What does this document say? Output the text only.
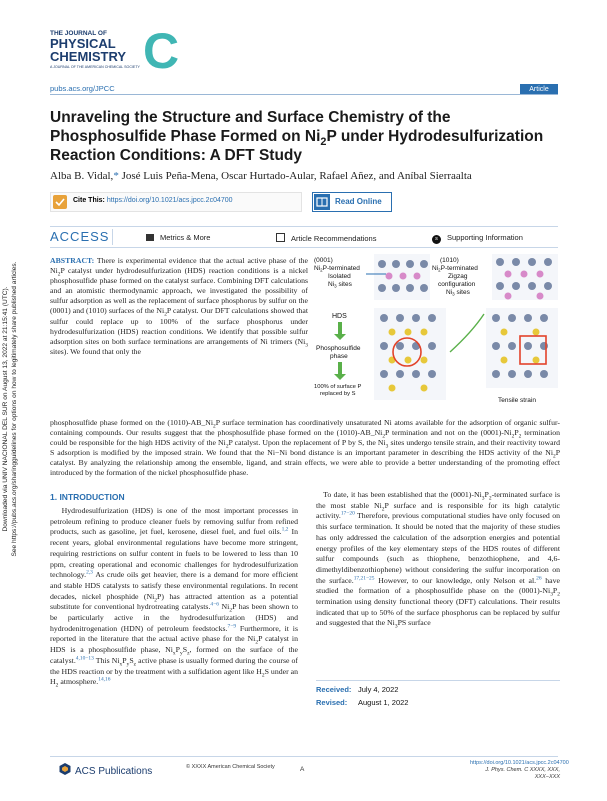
Downloaded via UNIV NACIONAL DEL SUR on August 13, 2022 at 21:15:41 (UTC). See https://pubs.acs.org/sharingguidelines for options on how to legitimately share published articles.
THE JOURNAL OF
PHYSICAL
CHEMISTRY
A JOURNAL OF THE AMERICAN CHEMICAL SOCIETY C
pubs.acs.org/JPCC	Article
Unraveling the Structure and Surface Chemistry of the Phosphosulfide Phase Formed on $Ni_2P$ under Hydrodesulfurization Reaction Conditions: A DFT Study
Alba B. Vidal,* José Luis Peña-Mena, Oscar Hurtado-Aular, Rafael Añez, and Aníbal Sierraalta
Cite This: https://doi.org/10.1021/acs.jpcc.2c04700	Read Online
ACCESS	Metrics & More	Article Recommendations	s Supporting Information
ABSTRACT: There is experimental evidence that the actual active phase of the $Ni_2P$ catalyst under hydrodesulfurization (HDS) reaction conditions is a nickel phosphosulfide phase formed on the catalyst surface. Combining DFT calculations and an atomistic thermodynamic approach, we investigated the possibility of sulfur adsorption as well as the replacement of surface phosphorus by sulfur on the (0001) and (1010) surfaces of the $Ni_2P$ catalyst. Our DFT calculations showed that sulfur could replace up to 100% of the surface phosphorus under hydrodesulfurization (HDS) reaction conditions. We identify that possible sulfur adsorption sites on both surface terminations are arrangements of Ni trimers ($Ni_3$ sites). We found that only the
phosphosulfide phase formed on the $(1010)-AB\_Ni_2P$ surface termination has coordinatively unsaturated Ni atoms available for the adsorption of organic sulfur-containing compounds. Our results suggest that the phosphosulfide phase formed on the $(1010)-AB\_Ni_2P$ termination and not on the $(0001)-Ni_2P_2$ termination could be responsible for the high HDS activity of the $Ni_2P$ catalyst. Upon the replacement of P by S, the $Ni_3$ sites undergo tensile strain, and their reactivity toward S adsorption is modified by the imposed strain. We found that the Ni−Ni bond distance is an important parameter in describing the HDS activity of the $Ni_2P$ catalyst. By analyzing the relationship among the ensemble, ligand, and strain effects, we were able to provide a better understanding of the promoting effect introduced by the formation of the nickel phosphosulfide phase.
(0001)
$Ni_2P$-terminated
Isolated
$Ni_3$ sites
(1010)
$Ni_2P$-terminated
Zigzag
configuration
$Ni_3$ sites
HDS
Phosphosulfide
phase
100% of surface P
replaced by S
Tensile strain
1. INTRODUCTION
Hydrodesulfurization (HDS) is one of the most important processes in petroleum refining to produce cleaner fuels by removing sulfur from refined products, such as gasoline, jet fuel, kerosene, diesel fuel, and fuel oils.$^{1,2}$ In recent years, global environmental regulations have become more stringent, requiring restrictions on sulfur content in fuels to be lowered to less than 10 ppm, creating operational and economic challenges for hydrodesulfurization technology.$^{2,3}$ As crude oils get heavier, there is a demand for more efficient and stable HDS catalysts to satisfy these environmental regulations. In recent decades, nickel phosphide $(Ni_2P)$ has attracted attention as a potential substitute for conventional hydrotreating catalysts.$^{4-6}$ $Ni_2P$ has been shown to be particularly active in the hydrodesulfurization (HDS) and hydrodenitrogenation (HDN) of petroleum feedstocks.$^{7-9}$ Furthermore, it is reported in the literature that the actual active phase for the $Ni_2P$ catalyst in HDS is a phosphosulfide phase, $Ni_xP_yS_z$, formed on the surface of the catalyst.$^{4,10-13}$ This $Ni_xP_yS_z$ active phase is usually formed during the course of the HDS reaction or by the treatment with a sulfidation agent like $H_2S$ under an $H_2$ atmosphere.$^{14,16}$
To date, it has been established that the $(0001)-Ni_3P_2$-terminated surface is the most stable $Ni_2P$ surface and is responsible for its high catalytic activity.$^{17-20}$ Therefore, previous computational studies have only focused on this surface termination. It should be noted that the majority of these studies has only addressed the calculation of the adsorption energies and potential energy profiles of the key elementary steps of the HDS routes of different sulfur compounds (such as thiophene, benzothiophene, and 4,6-dimethyldibenzothiophene) without considering the sulfur incorporation on the surface.$^{17,21-25}$ However, to our knowledge, only Nelson et al.$^{26}$ have studied the formation of a phosphosulfide phase on the $(0001)-Ni_3P_2$ termination using density functional theory (DFT) calculations. Their results indicated that up to 50% of the surface phosphorus can be replaced by sulfur and suggested that the $Ni_3PS$ surface
Received: July 4, 2022
Revised: August 1, 2022
ACS Publications	© XXXX American Chemical Society	A
https://doi.org/10.1021/acs.jpcc.2c04700
J. Phys. Chem. C XXXX, XXX, XXX−XXX
